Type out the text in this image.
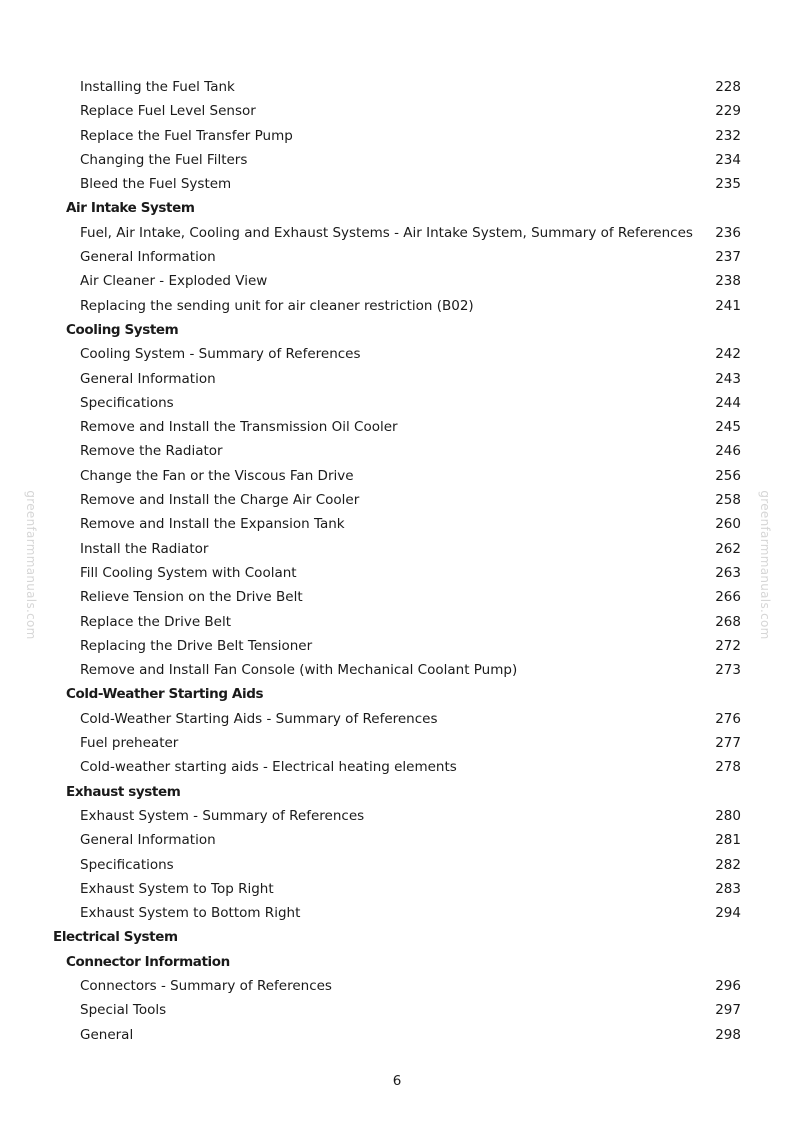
greenfarmmanuals.com	greenfarmmanuals.com
Installing the Fuel Tank	228
Replace Fuel Level Sensor	229
Replace the Fuel Transfer Pump	232
Changing the Fuel Filters	234
Bleed the Fuel System	235
Air Intake System
Fuel, Air Intake, Cooling and Exhaust Systems - Air Intake System, Summary of References 236
General Information	237
Air Cleaner - Exploded View	238
Replacing the sending unit for air cleaner restriction (B02)	241
Cooling System
Cooling System - Summary of References	242
General Information	243
Specifications	244
Remove and Install the Transmission Oil Cooler	245
Remove the Radiator	246
Change the Fan or the Viscous Fan Drive	256
Remove and Install the Charge Air Cooler	258
Remove and Install the Expansion Tank	260
Install the Radiator	262
Fill Cooling System with Coolant	263
Relieve Tension on the Drive Belt	266
Replace the Drive Belt	268
Replacing the Drive Belt Tensioner	272
Remove and Install Fan Console (with Mechanical Coolant Pump)	273
Cold-Weather Starting Aids
Cold-Weather Starting Aids - Summary of References	276
Fuel preheater	277
Cold-weather starting aids - Electrical heating elements	278
Exhaust system
Exhaust System - Summary of References	280
General Information	281
Specifications	282
Exhaust System to Top Right	283
Exhaust System to Bottom Right	294
Electrical System
Connector Information
Connectors - Summary of References	296
Special Tools	297
General	298
6
